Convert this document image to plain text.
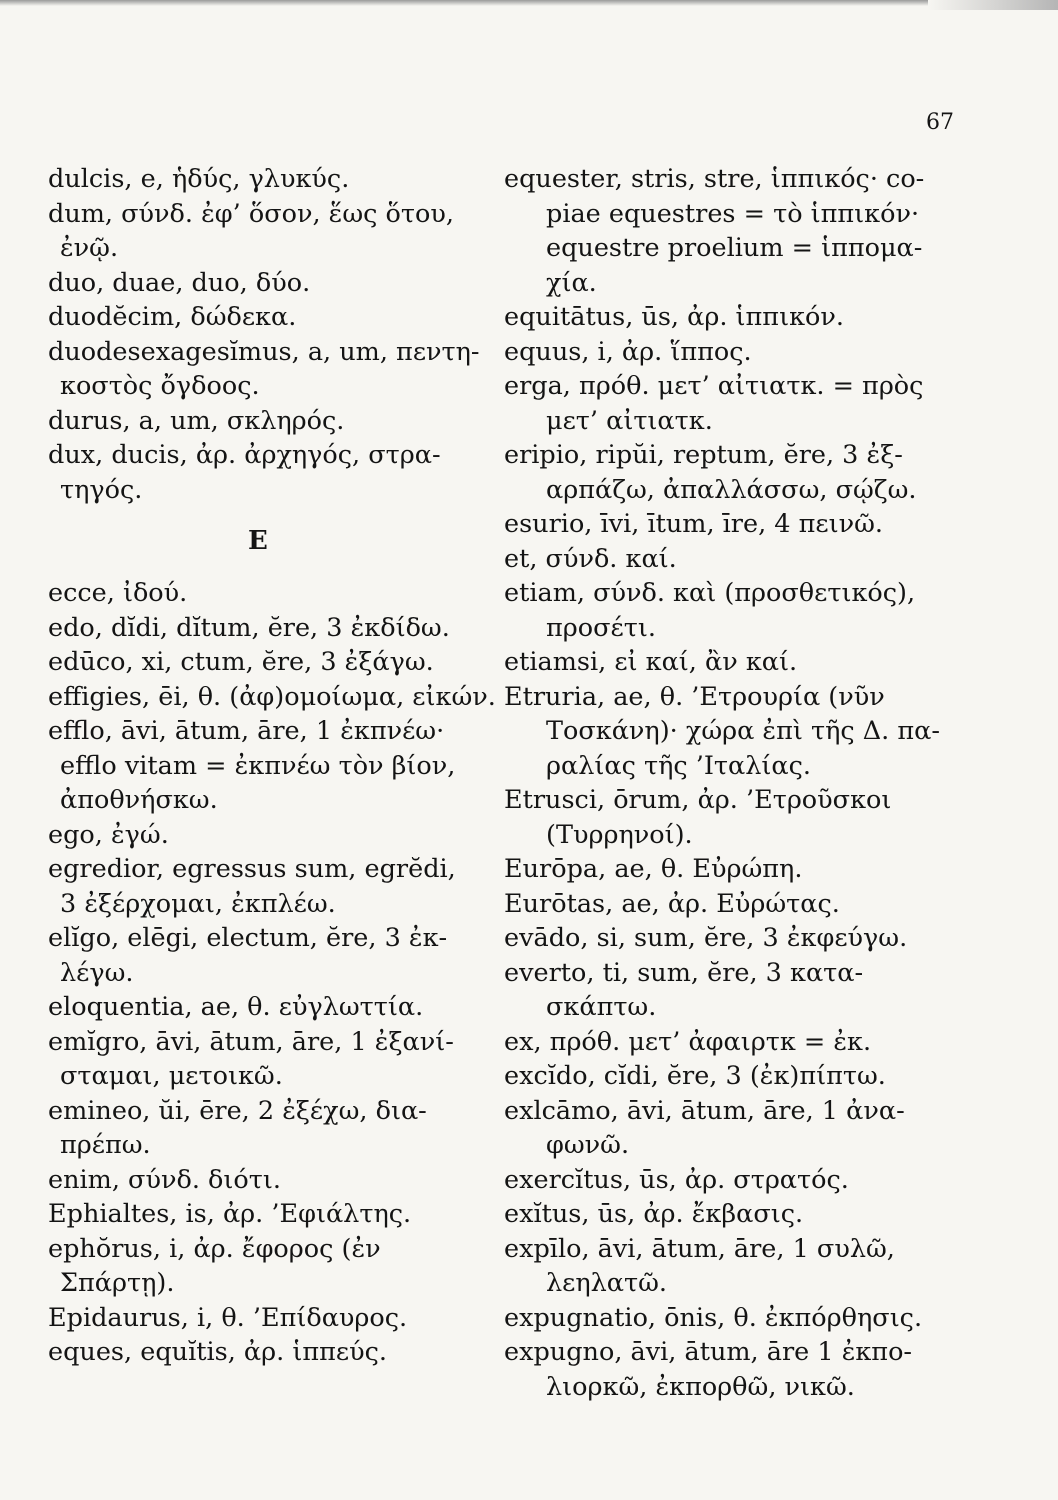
67
dulcis, e, ἡδύς, γλυκύς.
dum, σύνδ. ἐφ’ ὅσον, ἕως ὅτου,
ἐνῷ.
duo, duae, duo, δύο.
duodĕcim, δώδεκα.
duodesexagesĭmus, a, um, πεντη-
κοστὸς ὄγδοος.
durus, a, um, σκληρός.
dux, ducis, ἀρ. ἀρχηγός, στρα-
τηγός.
E
ecce, ἰδού.
edo, dĭdi, dĭtum, ĕre, 3 ἐκδίδω.
edūco, xi, ctum, ĕre, 3 ἐξάγω.
effigies, ēi, θ. (ἀφ)ομοίωμα, εἰκών.
efflo, āvi, ātum, āre, 1 ἐκπνέω·
efflo vitam = ἐκπνέω τὸν βίον,
ἀποθνήσκω.
ego, ἐγώ.
egredior, egressus sum, egrĕdi,
3 ἐξέρχομαι, ἐκπλέω.
elĭgo, elēgi, electum, ĕre, 3 ἐκ-
λέγω.
eloquentia, ae, θ. εὐγλωττία.
emĭgro, āvi, ātum, āre, 1 ἐξανί-
σταμαι, μετοικῶ.
emineo, ŭi, ēre, 2 ἐξέχω, δια-
πρέπω.
enim, σύνδ. διότι.
Ephialtes, is, ἀρ. ’Εφιάλτης.
ephŏrus, i, ἀρ. ἔφορος (ἐν
Σπάρτῃ).
Epidaurus, i, θ. ’Επίδαυρος.
eques, equĭtis, ἀρ. ἱππεύς.
equester, stris, stre, ἱππικός· co-
piae equestres = τὸ ἱππικόν·
equestre proelium = ἱππομα-
χία.
equitātus, ūs, ἀρ. ἱππικόν.
equus, i, ἀρ. ἵππος.
erga, πρόθ. μετ’ αἰτιατκ. = πρὸς
μετ’ αἰτιατκ.
eripio, ripŭi, reptum, ĕre, 3 ἐξ-
αρπάζω, ἀπαλλάσσω, σῴζω.
esurio, īvi, ītum, īre, 4 πεινῶ.
et, σύνδ. καί.
etiam, σύνδ. καὶ (προσθετικός),
προσέτι.
etiamsi, εἰ καί, ἂν καί.
Etruria, ae, θ. ’Ετρουρία (νῦν
Τοσκάνη)· χώρα ἐπὶ τῆς Δ. πα-
ραλίας τῆς ’Ιταλίας.
Etrusci, ōrum, ἀρ. ’Ετροῦσκοι
(Τυρρηνοί).
Eurōpa, ae, θ. Εὐρώπη.
Eurōtas, ae, ἀρ. Εὐρώτας.
evādo, si, sum, ĕre, 3 ἐκφεύγω.
everto, ti, sum, ĕre, 3 κατα-
σκάπτω.
ex, πρόθ. μετ’ ἀφαιρτκ = ἐκ.
excĭdo, cĭdi, ĕre, 3 (ἐκ)πίπτω.
exlcāmo, āvi, ātum, āre, 1 ἀνα-
φωνῶ.
exercĭtus, ūs, ἀρ. στρατός.
exĭtus, ūs, ἀρ. ἔκβασις.
expīlo, āvi, ātum, āre, 1 συλῶ,
λεηλατῶ.
expugnatio, ōnis, θ. ἐκπόρθησις.
expugno, āvi, ātum, āre 1 ἐκπο-
λιορκῶ, ἐκπορθῶ, νικῶ.
